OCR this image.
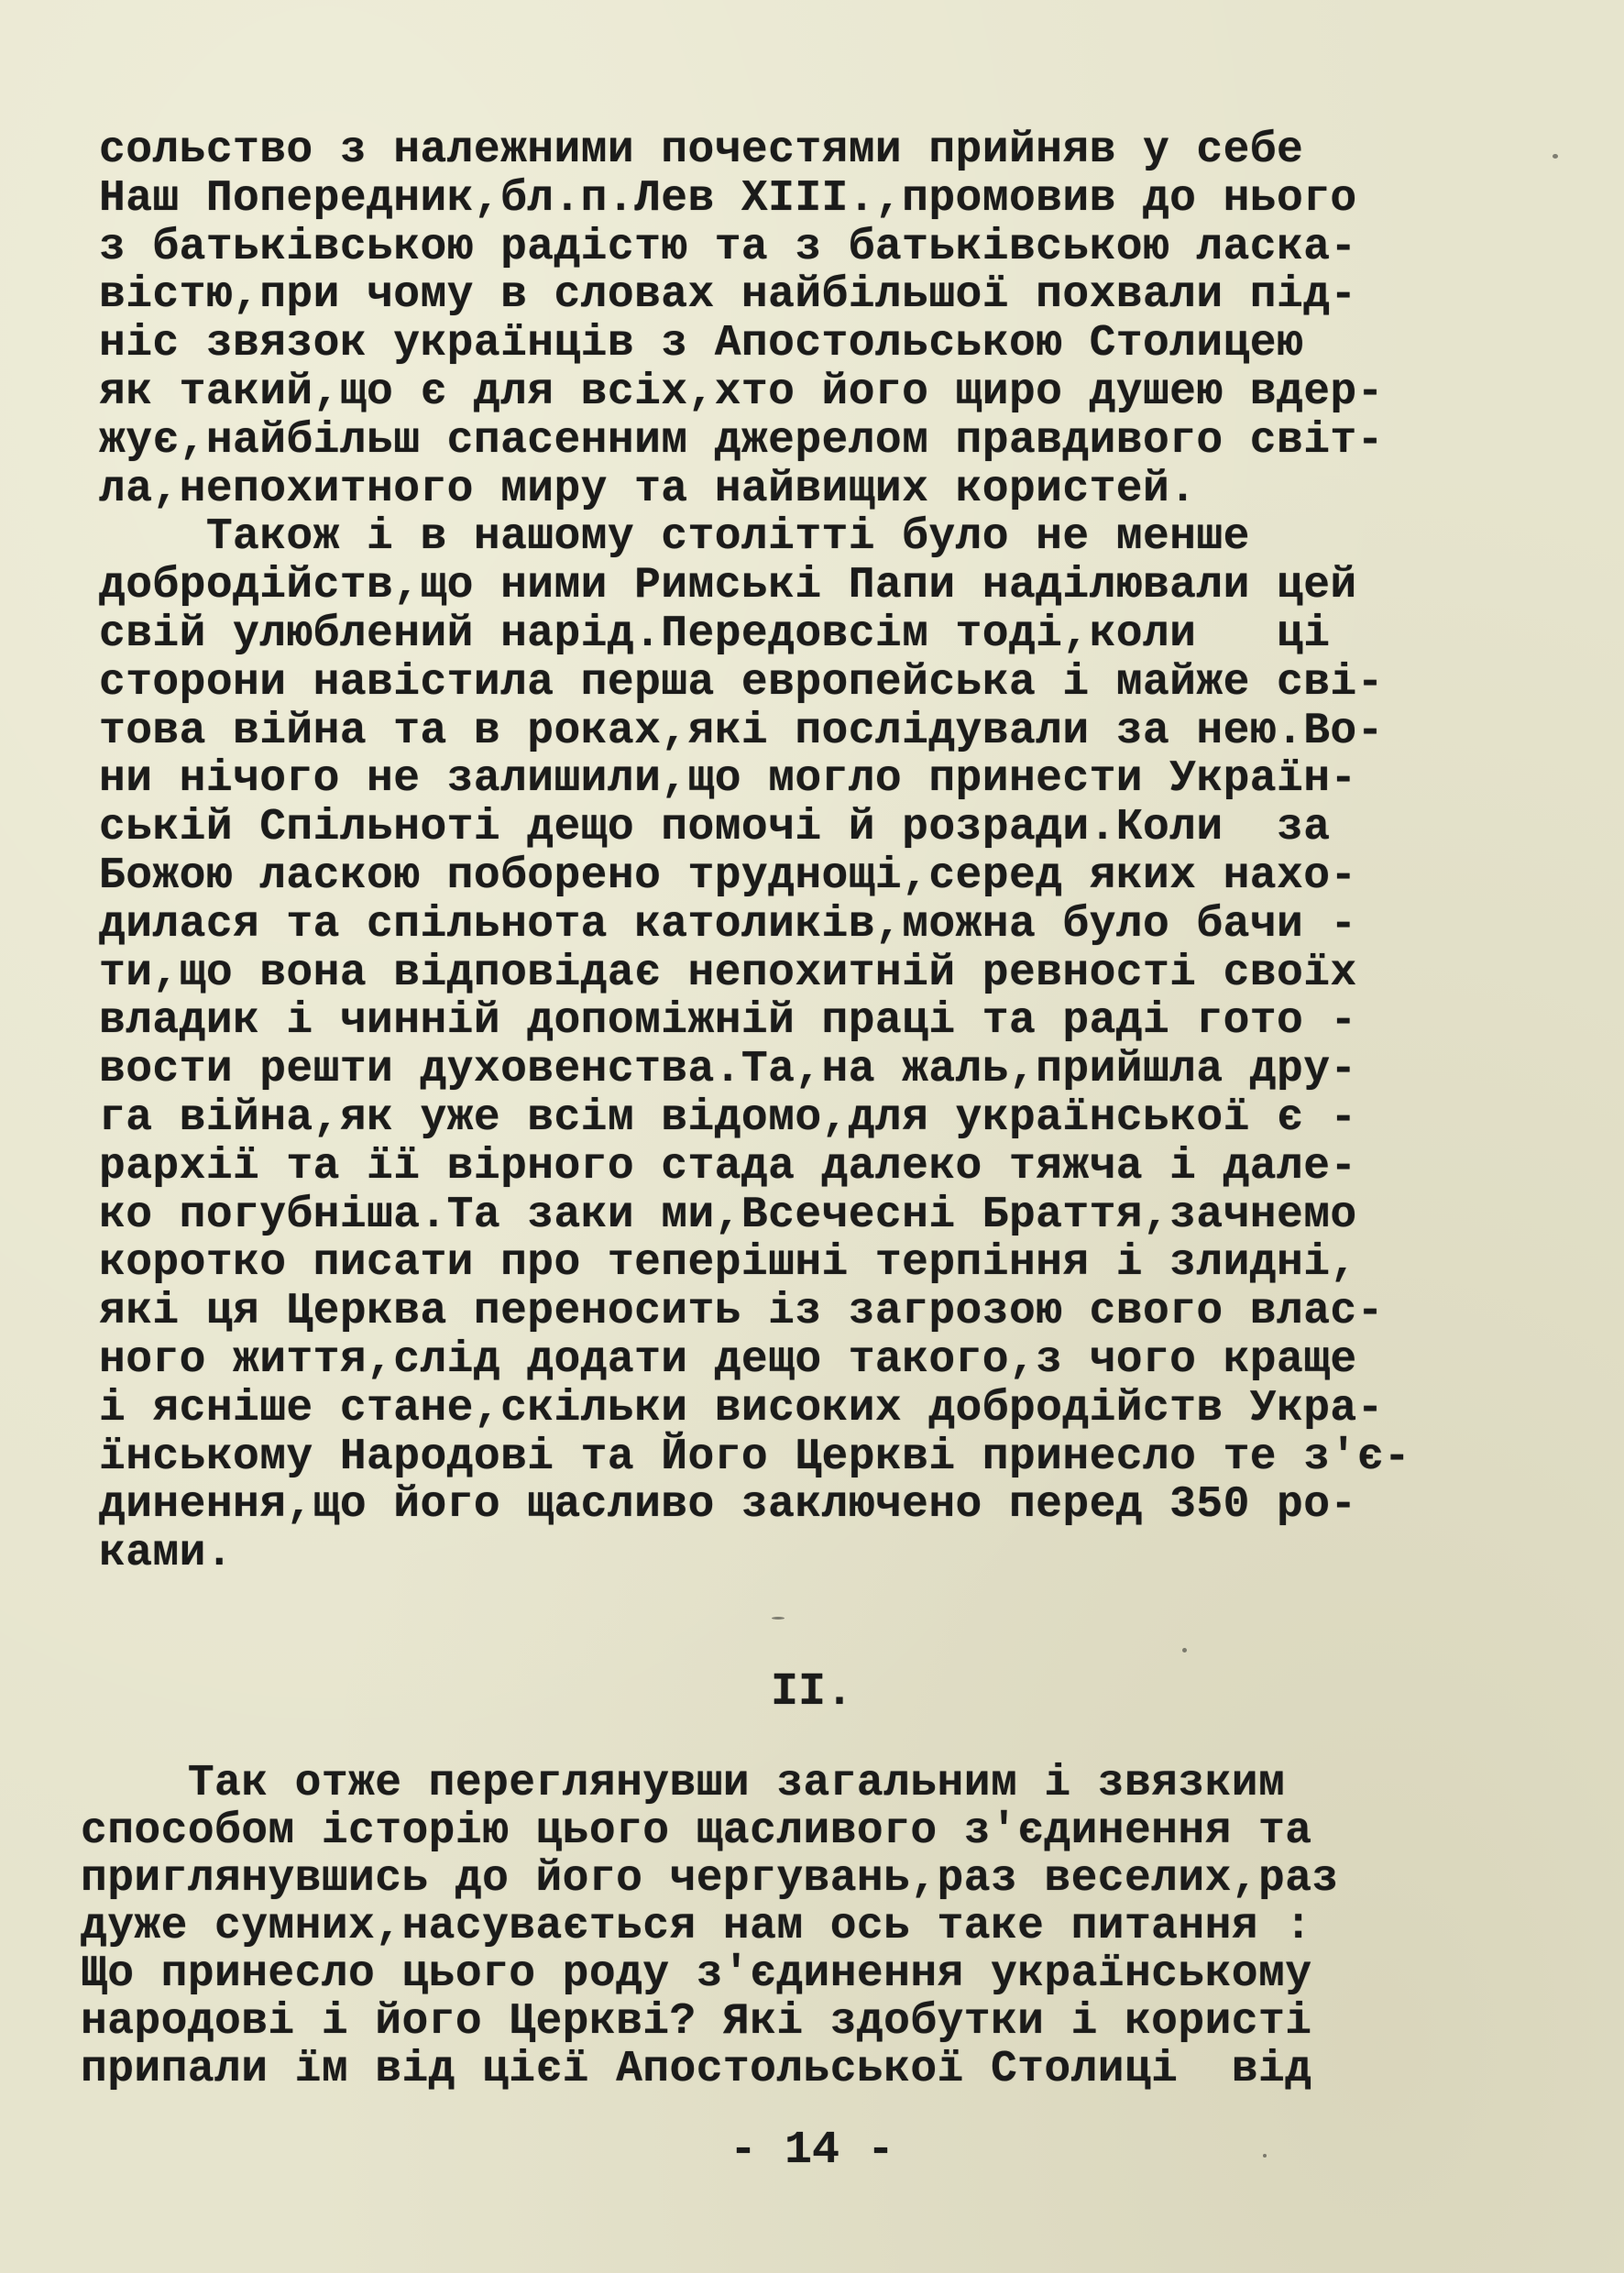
сольство з належними почестями прийняв у себе
Наш Попередник,бл.п.Лев XIII.,промовив до нього
з батьківською радістю та з батьківською ласка-
вістю,при чому в словах найбільшої похвали під-
ніс звязок українців з Апостольською Столицею
як такий,що є для всіх,хто його щиро душею вдер-
жує,найбільш спасенним джерелом правдивого світ-
ла,непохитного миру та найвищих користей.
Також і в нашому столітті було не менше
добродійств,що ними Римські Папи наділювали цей
свій улюблений нарід.Передовсім тоді,коли   ці
сторони навістила перша европейська і майже сві-
това війна та в роках,які послідували за нею.Во-
ни нічого не залишили,що могло принести Україн-
ській Спільноті дещо помочі й розради.Коли  за
Божою ласкою поборено труднощі,серед яких нахо-
дилася та спільнота католиків,можна було бачи -
ти,що вона відповідає непохитній ревності своїх
владик і чинній допоміжній праці та раді гото -
вости решти духовенства.Та,на жаль,прийшла дру-
га війна,як уже всім відомо,для української є -
рархії та її вірного стада далеко тяжча і дале-
ко погубніша.Та заки ми,Всечесні Браття,зачнемо
коротко писати про теперішні терпіння і злидні,
які ця Церква переносить із загрозою свого влас-
ного життя,слід додати дещо такого,з чого краще
і ясніше стане,скільки високих добродійств Укра-
їнському Народові та Його Церкві принесло те з'є-
динення,що його щасливо заключено перед 350 ро-
ками.
II.
Так отже переглянувши загальним і звязким
способом історію цього щасливого з'єдинення та
приглянувшись до його чергувань,раз веселих,раз
дуже сумних,насувається нам ось таке питання :
Що принесло цього роду з'єдинення українському
народові і його Церкві? Які здобутки і користі
припали їм від цієї Апостольської Столиці  від
- 14 -
